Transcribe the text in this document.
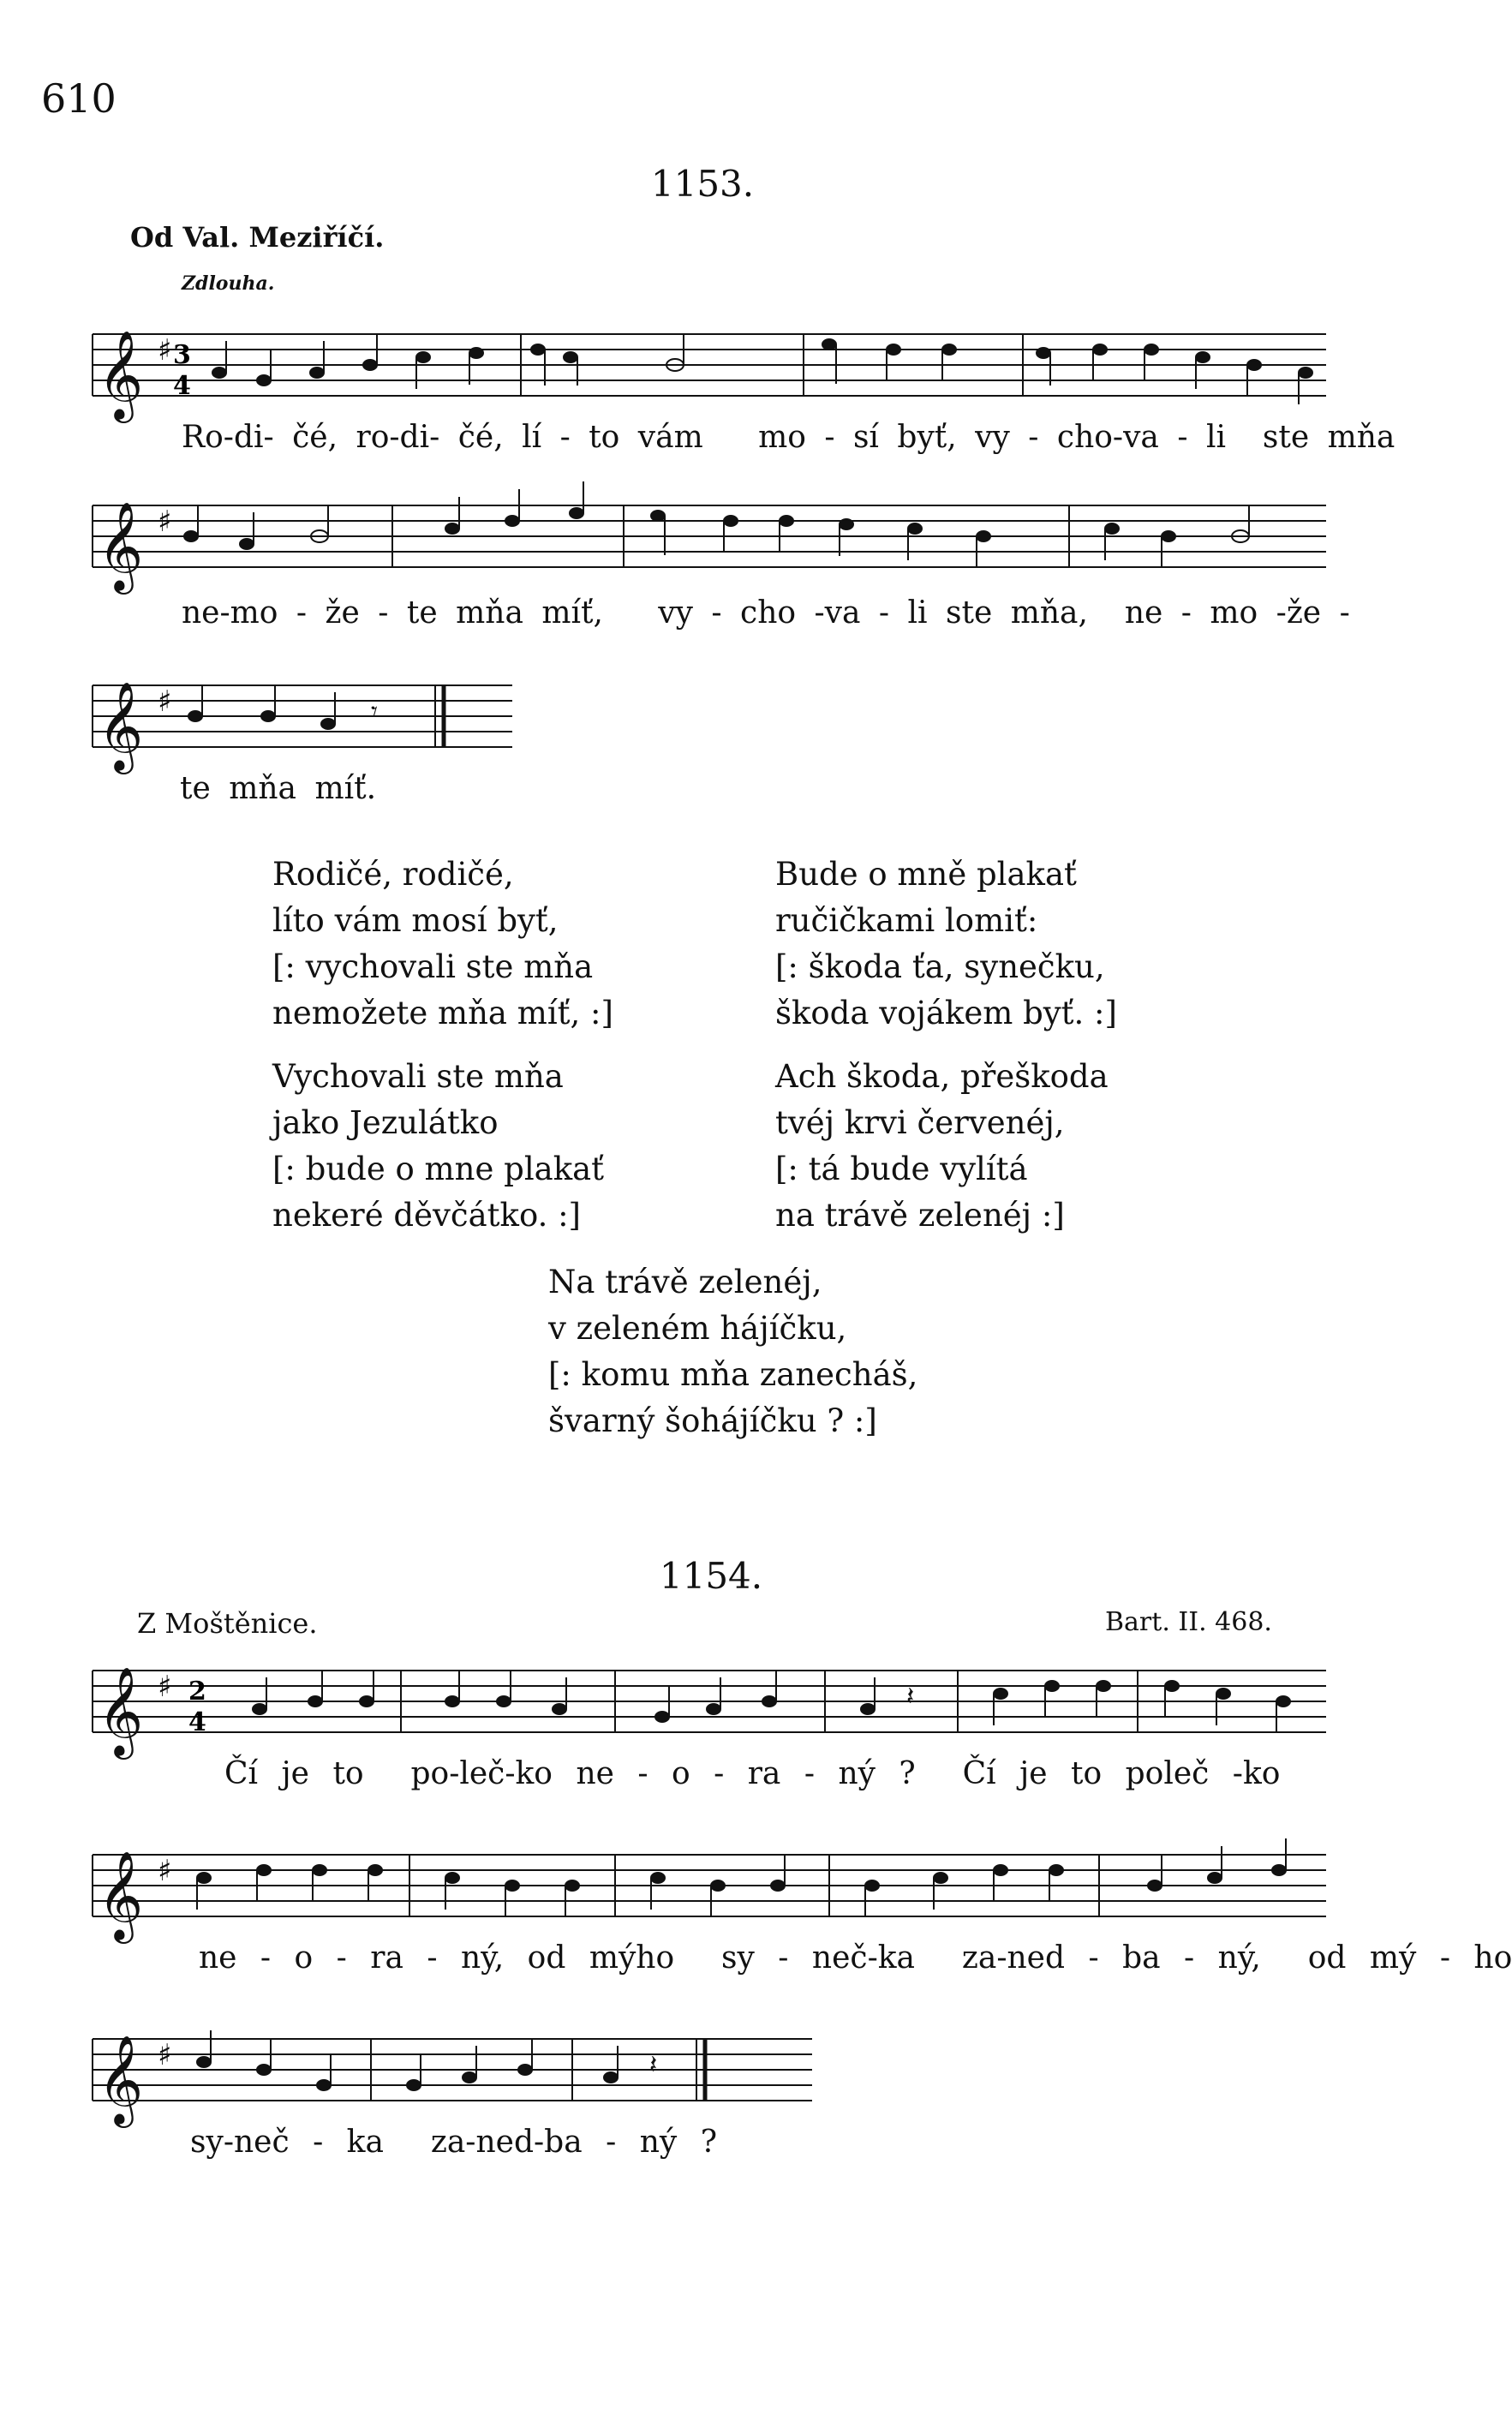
610
1153.
Od Val. Meziříčí.
Zdlouha.
𝄞 ♯ 3
4
Ro-di- čé, ro-di- čé, lí - to vám mo - sí byť, vy - cho-va - li ste mňa
𝄞 ♯
ne-mo - že - te mňa míť, vy - cho -va - li ste mňa, ne - mo -že -
𝄞 ♯	𝄾
te mňa míť.
Rodičé, rodičé,
líto vám mosí byť,
[: vychovali ste mňa
nemožete mňa míť, :]
Vychovali ste mňa
jako Jezulátko
[: bude o mne plakať
nekeré děvčátko. :]
Bude o mně plakať
ručičkami lomiť:
[: škoda ťa, synečku,
škoda vojákem byť. :]
Ach škoda, přeškoda
tvéj krvi červenéj,
[: tá bude vylítá
na trávě zelenéj :]
Na trávě zelenéj,
v zeleném hájíčku,
[: komu mňa zanecháš,
švarný šohájíčku ? :]
1154.
Z Moštěnice.	Bart. II. 468.
𝄞 ♯ 2
4
𝄽
Čí je to po-leč-ko ne - o - ra - ný ? Čí je to poleč -ko
𝄞 ♯
ne - o - ra - ný, od mýho sy - neč-ka za-ned - ba - ný, od mý - ho
𝄞 ♯	𝄽
sy-neč - ka za-ned-ba - ný ?
